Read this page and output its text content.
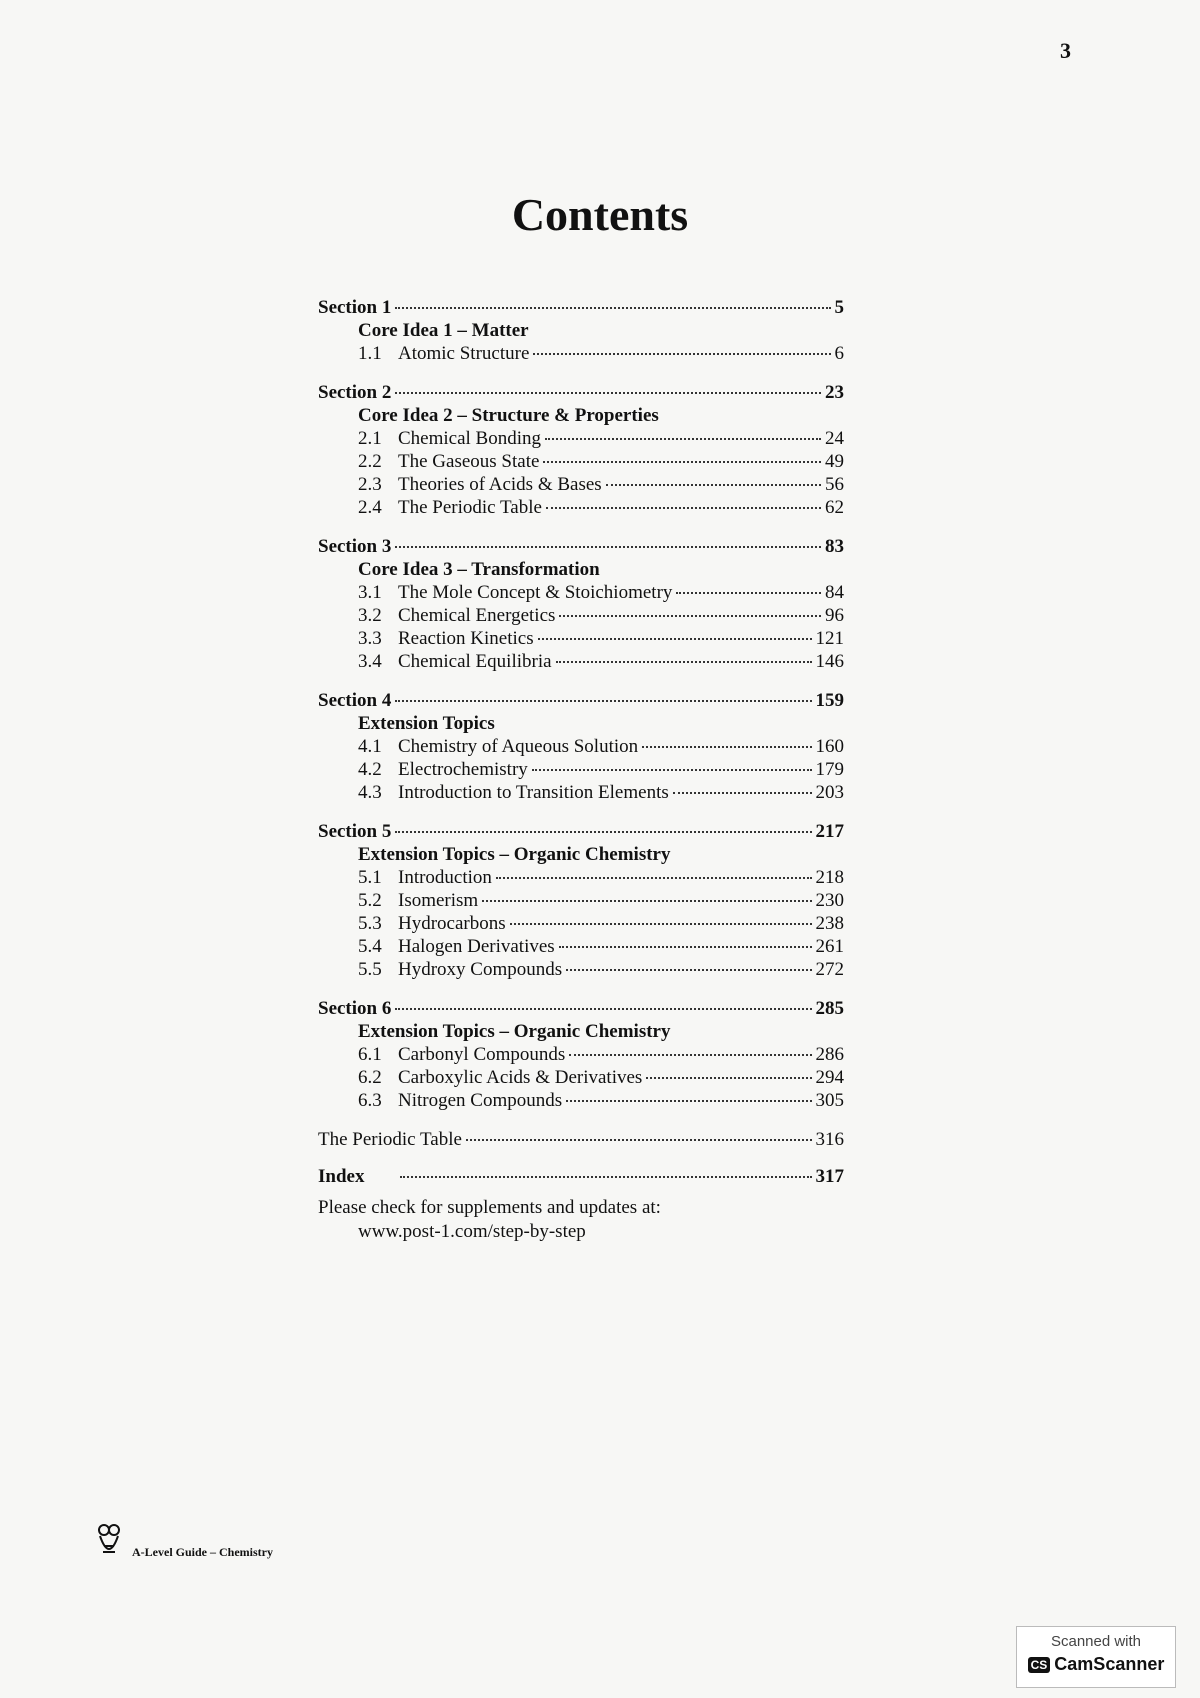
3
Contents
Section 1	5
Core Idea 1 – Matter
1.1 Atomic Structure	6
Section 2	23
Core Idea 2 – Structure & Properties
2.1 Chemical Bonding	24
2.2 The Gaseous State	49
2.3 Theories of Acids & Bases	56
2.4 The Periodic Table	62
Section 3	83
Core Idea 3 – Transformation
3.1 The Mole Concept & Stoichiometry	84
3.2 Chemical Energetics	96
3.3 Reaction Kinetics	121
3.4 Chemical Equilibria	146
Section 4	159
Extension Topics
4.1 Chemistry of Aqueous Solution	160
4.2 Electrochemistry	179
4.3 Introduction to Transition Elements	203
Section 5	217
Extension Topics – Organic Chemistry
5.1 Introduction	218
5.2 Isomerism	230
5.3 Hydrocarbons	238
5.4 Halogen Derivatives	261
5.5 Hydroxy Compounds	272
Section 6	285
Extension Topics – Organic Chemistry
6.1 Carbonyl Compounds	286
6.2 Carboxylic Acids & Derivatives	294
6.3 Nitrogen Compounds	305
The Periodic Table	316
Index	317
Please check for supplements and updates at:
www.post-1.com/step-by-step
A-Level Guide – Chemistry
Scanned with
CS CamScanner
